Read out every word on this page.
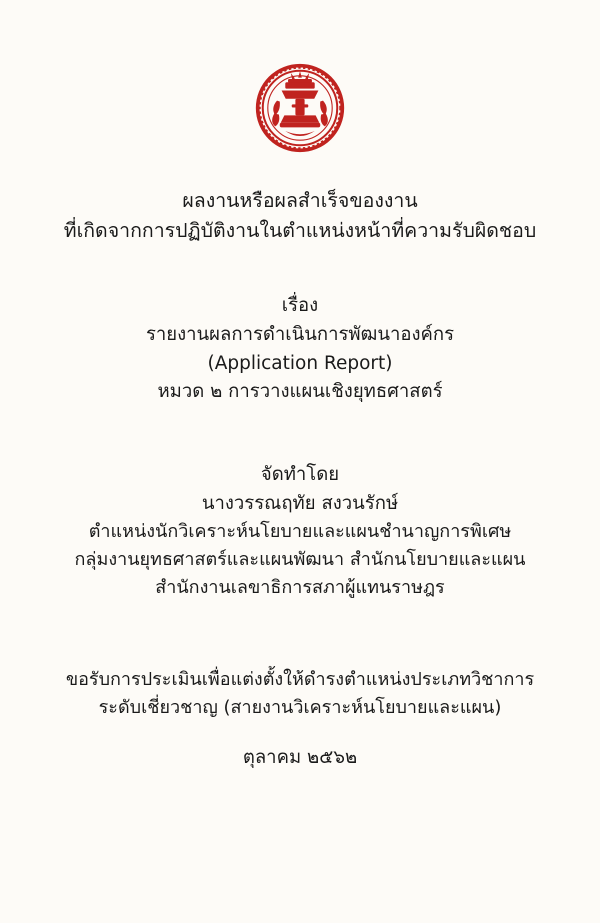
ผลงานหรือผลสำเร็จของงาน
ที่เกิดจากการปฏิบัติงานในตำแหน่งหน้าที่ความรับผิดชอบ
เรื่อง
รายงานผลการดำเนินการพัฒนาองค์กร
(Application Report)
หมวด ๒ การวางแผนเชิงยุทธศาสตร์
จัดทำโดย
นางวรรณฤทัย สงวนรักษ์
ตำแหน่งนักวิเคราะห์นโยบายและแผนชำนาญการพิเศษ
กลุ่มงานยุทธศาสตร์และแผนพัฒนา สำนักนโยบายและแผน
สำนักงานเลขาธิการสภาผู้แทนราษฎร
ขอรับการประเมินเพื่อแต่งตั้งให้ดำรงตำแหน่งประเภทวิชาการ
ระดับเชี่ยวชาญ (สายงานวิเคราะห์นโยบายและแผน)
ตุลาคม ๒๕๖๒
